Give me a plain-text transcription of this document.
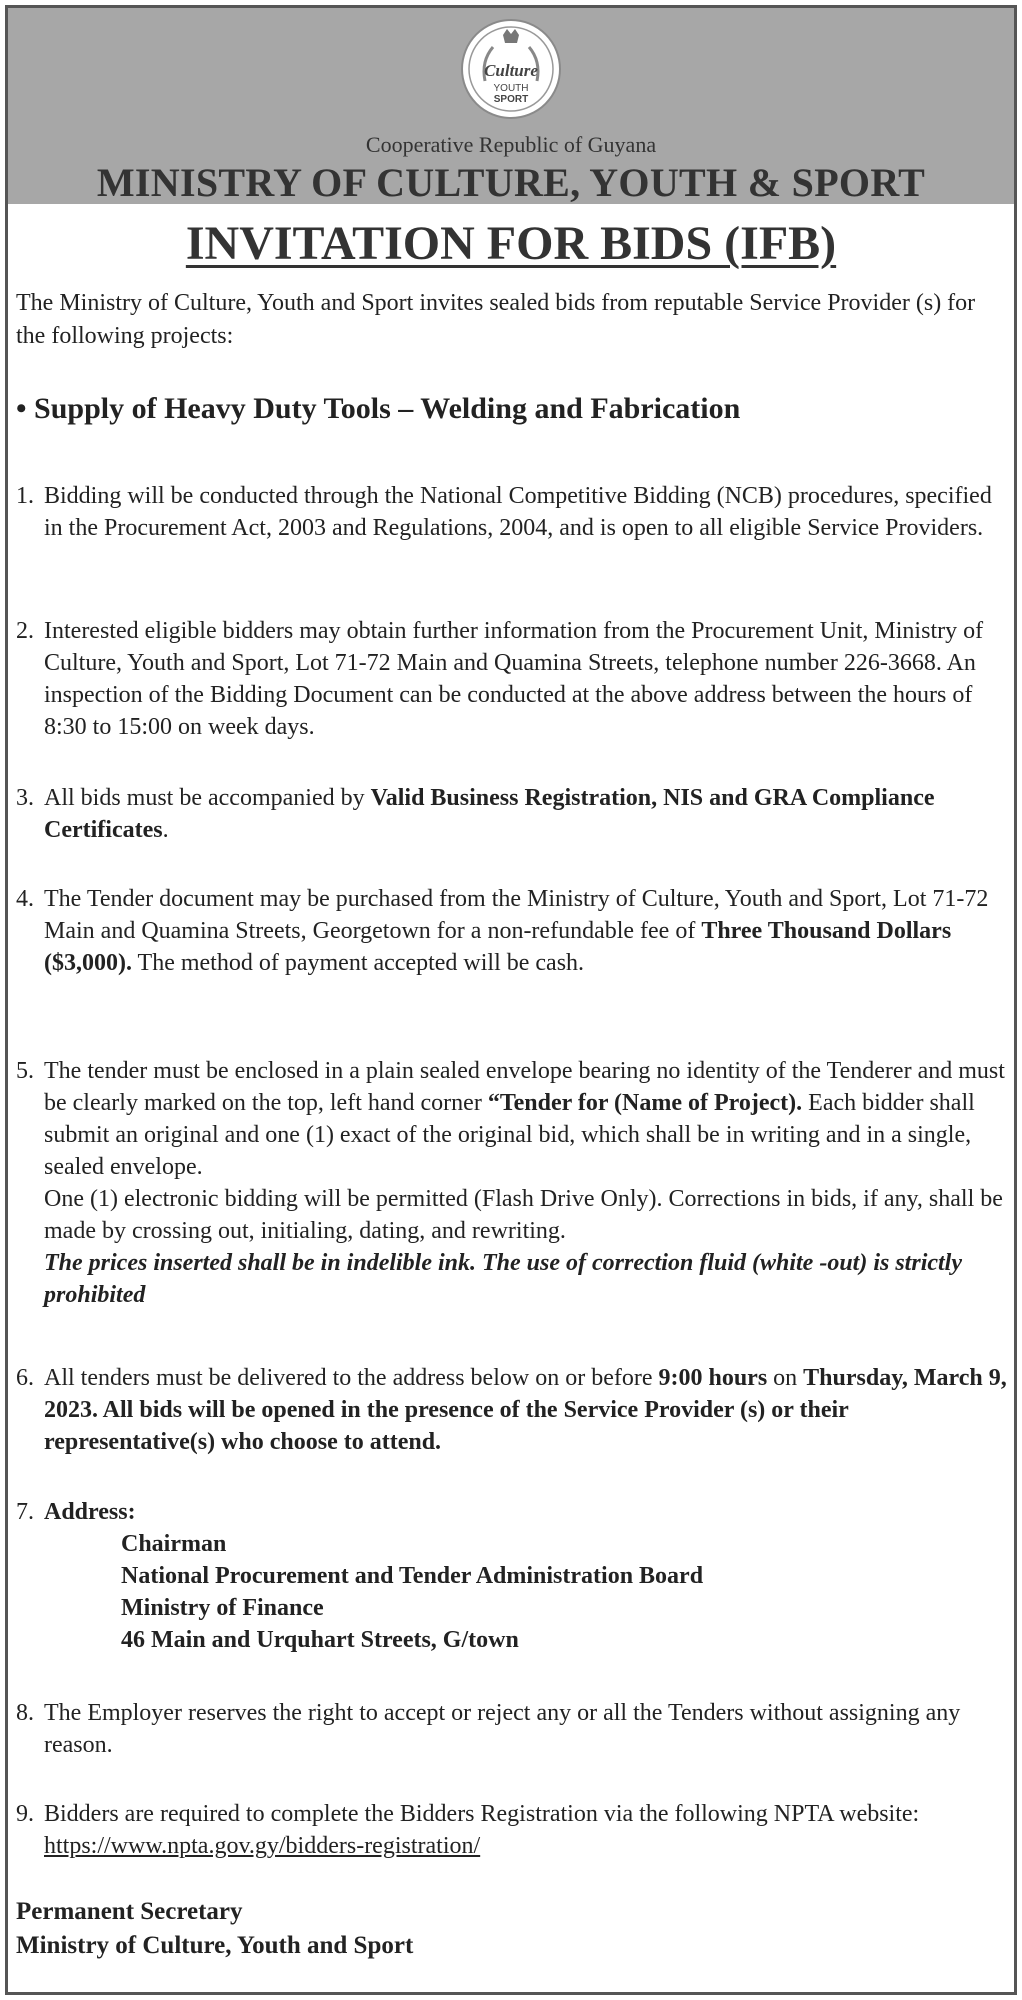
Culture
YOUTH
SPORT
Cooperative Republic of Guyana
MINISTRY OF CULTURE, YOUTH & SPORT
INVITATION FOR BIDS (IFB)
The Ministry of Culture, Youth and Sport invites sealed bids from reputable Service Provider (s) for the following projects:
• Supply of Heavy Duty Tools – Welding and Fabrication
1. Bidding will be conducted through the National Competitive Bidding (NCB) procedures, specified in the Procurement Act, 2003 and Regulations, 2004, and is open to all eligible Service Providers.
2. Interested eligible bidders may obtain further information from the Procurement Unit, Ministry of Culture, Youth and Sport, Lot 71-72 Main and Quamina Streets, telephone number 226-3668. An inspection of the Bidding Document can be conducted at the above address between the hours of 8:30 to 15:00 on week days.
3. All bids must be accompanied by Valid Business Registration, NIS and GRA Compliance Certificates.
4. The Tender document may be purchased from the Ministry of Culture, Youth and Sport, Lot 71-72 Main and Quamina Streets, Georgetown for a non-refundable fee of Three Thousand Dollars ($3,000). The method of payment accepted will be cash.
5. The tender must be enclosed in a plain sealed envelope bearing no identity of the Tenderer and must be clearly marked on the top, left hand corner “Tender for (Name of Project). Each bidder shall submit an original and one (1) exact of the original bid, which shall be in writing and in a single, sealed envelope.
One (1) electronic bidding will be permitted (Flash Drive Only). Corrections in bids, if any, shall be made by crossing out, initialing, dating, and rewriting.
The prices inserted shall be in indelible ink. The use of correction fluid (white -out) is strictly prohibited
6. All tenders must be delivered to the address below on or before 9:00 hours on Thursday, March 9, 2023. All bids will be opened in the presence of the Service Provider (s) or their representative(s) who choose to attend.
7. Address:
Chairman
National Procurement and Tender Administration Board
Ministry of Finance
46 Main and Urquhart Streets, G/town
8. The Employer reserves the right to accept or reject any or all the Tenders without assigning any reason.
9. Bidders are required to complete the Bidders Registration via the following NPTA website: https://www.npta.gov.gy/bidders-registration/
Permanent Secretary
Ministry of Culture, Youth and Sport
